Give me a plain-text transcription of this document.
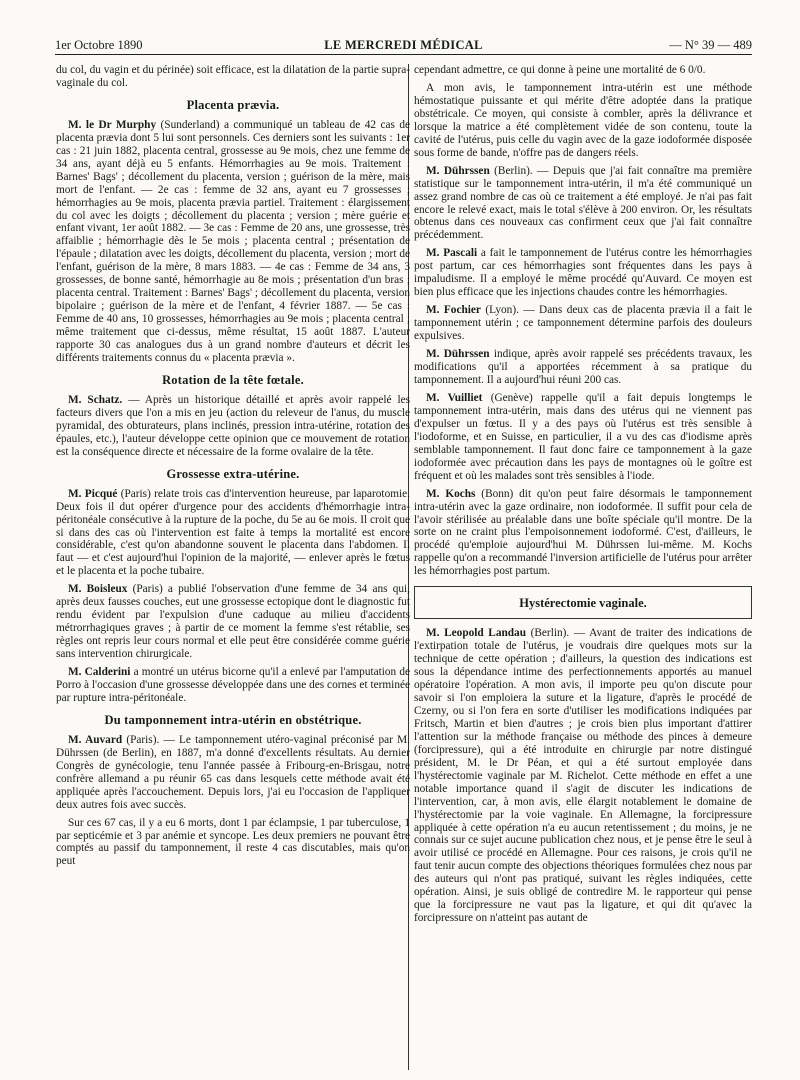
1er Octobre 1890	LE MERCREDI MÉDICAL	— N° 39 — 489

du col, du vagin et du périnée) soit efficace, est la dilatation de la partie supra-vaginale du col.

Placenta prævia.

M. le Dr Murphy (Sunderland) a communiqué un tableau de 42 cas de placenta prævia dont 5 lui sont personnels. Ces derniers sont les suivants : 1er cas : 21 juin 1882, placenta central, grossesse au 9e mois, chez une femme de 34 ans, ayant déjà eu 5 enfants. Hémorrhagies au 9e mois. Traitement : Barnes' Bags' ; décollement du placenta, version ; guérison de la mère, mais mort de l'enfant. — 2e cas : femme de 32 ans, ayant eu 7 grossesses ; hémorrhagies au 9e mois, placenta prævia partiel. Traitement : élargissement du col avec les doigts ; décollement du placenta ; version ; mère guérie et enfant vivant, 1er août 1882. — 3e cas : Femme de 20 ans, une grossesse, très affaiblie ; hémorrhagie dès le 5e mois ; placenta central ; présentation de l'épaule ; dilatation avec les doigts, décollement du placenta, version ; mort de l'enfant, guérison de la mère, 8 mars 1883. — 4e cas : Femme de 34 ans, 3 grossesses, de bonne santé, hémorrhagie au 8e mois ; présentation d'un bras ; placenta central. Traitement : Barnes' Bags' ; décollement du placenta, version bipolaire ; guérison de la mère et de l'enfant, 4 février 1887. — 5e cas : Femme de 40 ans, 10 grossesses, hémorrhagies au 9e mois ; placenta central ; même traitement que ci-dessus, même résultat, 15 août 1887. L'auteur rapporte 30 cas analogues dus à un grand nombre d'auteurs et décrit les différents traitements connus du « placenta prævia ».

Rotation de la tête fœtale.

M. Schatz. — Après un historique détaillé et après avoir rappelé les facteurs divers que l'on a mis en jeu (action du releveur de l'anus, du muscle pyramidal, des obturateurs, plans inclinés, pression intra-utérine, rotation des épaules, etc.), l'auteur développe cette opinion que ce mouvement de rotation est la conséquence directe et nécessaire de la forme ovalaire de la tête.

Grossesse extra-utérine.

M. Picqué (Paris) relate trois cas d'intervention heureuse, par laparotomie. Deux fois il dut opérer d'urgence pour des accidents d'hémorrhagie intra-péritonéale consécutive à la rupture de la poche, du 5e au 6e mois. Il croit que si dans des cas où l'intervention est faite à temps la mortalité est encore considérable, c'est qu'on abandonne souvent le placenta dans l'abdomen. Il faut — et c'est aujourd'hui l'opinion de la majorité, — enlever après le fœtus et le placenta et la poche tubaire.

M. Boisleux (Paris) a publié l'observation d'une femme de 34 ans qui, après deux fausses couches, eut une grossesse ectopique dont le diagnostic fut rendu évident par l'expulsion d'une caduque au milieu d'accidents métrorrhagiques graves ; à partir de ce moment la femme s'est rétablie, ses règles ont repris leur cours normal et elle peut être considérée comme guérie sans intervention chirurgicale.

M. Calderini a montré un utérus bicorne qu'il a enlevé par l'amputation de Porro à l'occasion d'une grossesse développée dans une des cornes et terminée par rupture intra-péritonéale.

Du tamponnement intra-utérin en obstétrique.

M. Auvard (Paris). — Le tamponnement utéro-vaginal préconisé par M. Dührssen (de Berlin), en 1887, m'a donné d'excellents résultats. Au dernier Congrès de gynécologie, tenu l'année passée à Fribourg-en-Brisgau, notre confrère allemand a pu réunir 65 cas dans lesquels cette méthode avait été appliquée après l'accouchement. Depuis lors, j'ai eu l'occasion de l'appliquer deux autres fois avec succès.

Sur ces 67 cas, il y a eu 6 morts, dont 1 par éclampsie, 1 par tuberculose, 1 par septicémie et 3 par anémie et syncope. Les deux premiers ne pouvant être comptés au passif du tamponnement, il reste 4 cas discutables, mais qu'on peut

cependant admettre, ce qui donne à peine une mortalité de 6 0/0.

A mon avis, le tamponnement intra-utérin est une méthode hémostatique puissante et qui mérite d'être adoptée dans la pratique obstétricale. Ce moyen, qui consiste à combler, après la délivrance et lorsque la matrice a été complètement vidée de son contenu, toute la cavité de l'utérus, puis celle du vagin avec de la gaze iodoformée disposée sous forme de bande, n'offre pas de dangers réels.

M. Dührssen (Berlin). — Depuis que j'ai fait connaître ma première statistique sur le tamponnement intra-utérin, il m'a été communiqué un assez grand nombre de cas où ce traitement a été employé. Je n'ai pas fait encore le relevé exact, mais le total s'élève à 200 environ. Or, les résultats obtenus dans ces nouveaux cas confirment ceux que j'ai fait connaître précédemment.

M. Pascali a fait le tamponnement de l'utérus contre les hémorrhagies post partum, car ces hémorrhagies sont fréquentes dans les pays à impaludisme. Il a employé le même procédé qu'Auvard. Ce moyen est bien plus efficace que les injections chaudes contre les hémorrhagies.

M. Fochier (Lyon). — Dans deux cas de placenta prævia il a fait le tamponnement utérin ; ce tamponnement détermine parfois des douleurs expulsives.

M. Dührssen indique, après avoir rappelé ses précédents travaux, les modifications qu'il a apportées récemment à sa pratique du tamponnement. Il a aujourd'hui réuni 200 cas.

M. Vuilliet (Genève) rappelle qu'il a fait depuis longtemps le tamponnement intra-utérin, mais dans des utérus qui ne viennent pas d'expulser un fœtus. Il y a des pays où l'utérus est très sensible à l'iodoforme, et en Suisse, en particulier, il a vu des cas d'iodisme après semblable tamponnement. Il faut donc faire ce tamponnement à la gaze iodoformée avec précaution dans les pays de montagnes où le goître est fréquent et où les malades sont très sensibles à l'iode.

M. Kochs (Bonn) dit qu'on peut faire désormais le tamponnement intra-utérin avec la gaze ordinaire, non iodoformée. Il suffit pour cela de l'avoir stérilisée au préalable dans une boîte spéciale qu'il montre. De la sorte on ne craint plus l'empoisonnement iodoformé. C'est, d'ailleurs, le procédé qu'emploie aujourd'hui M. Dührssen lui-même. M. Kochs rappelle qu'on a recommandé l'inversion artificielle de l'utérus pour arrêter les hémorrhagies post partum.

Hystérectomie vaginale.

M. Leopold Landau (Berlin). — Avant de traiter des indications de l'extirpation totale de l'utérus, je voudrais dire quelques mots sur la technique de cette opération ; d'ailleurs, la question des indications est sous la dépendance intime des perfectionnements apportés au manuel opératoire l'opération. A mon avis, il importe peu qu'on discute pour savoir si l'on emploiera la suture et la ligature, d'après le procédé de Czerny, ou si l'on fera en sorte d'utiliser les modifications indiquées par Fritsch, Martin et bien d'autres ; je crois bien plus important d'attirer l'attention sur la méthode française ou méthode des pinces à demeure (forcipressure), qui a été introduite en chirurgie par notre distingué président, M. le Dr Péan, et qui a été surtout employée dans l'hystérectomie vaginale par M. Richelot. Cette méthode en effet a une notable importance quand il s'agit de discuter les indications de l'intervention, car, à mon avis, elle élargit notablement le domaine de l'hystérectomie par la voie vaginale. En Allemagne, la forcipressure appliquée à cette opération n'a eu aucun retentissement ; du moins, je ne connais sur ce sujet aucune publication chez nous, et je pense être le seul à avoir utilisé ce procédé en Allemagne. Pour ces raisons, je crois qu'il ne faut tenir aucun compte des objections théoriques formulées chez nous par des auteurs qui n'ont pas pratiqué, suivant les règles indiquées, cette opération. Ainsi, je suis obligé de contredire M. le rapporteur qui pense que la forcipressure ne vaut pas la ligature, et qui dit qu'avec la forcipressure on n'atteint pas autant de
